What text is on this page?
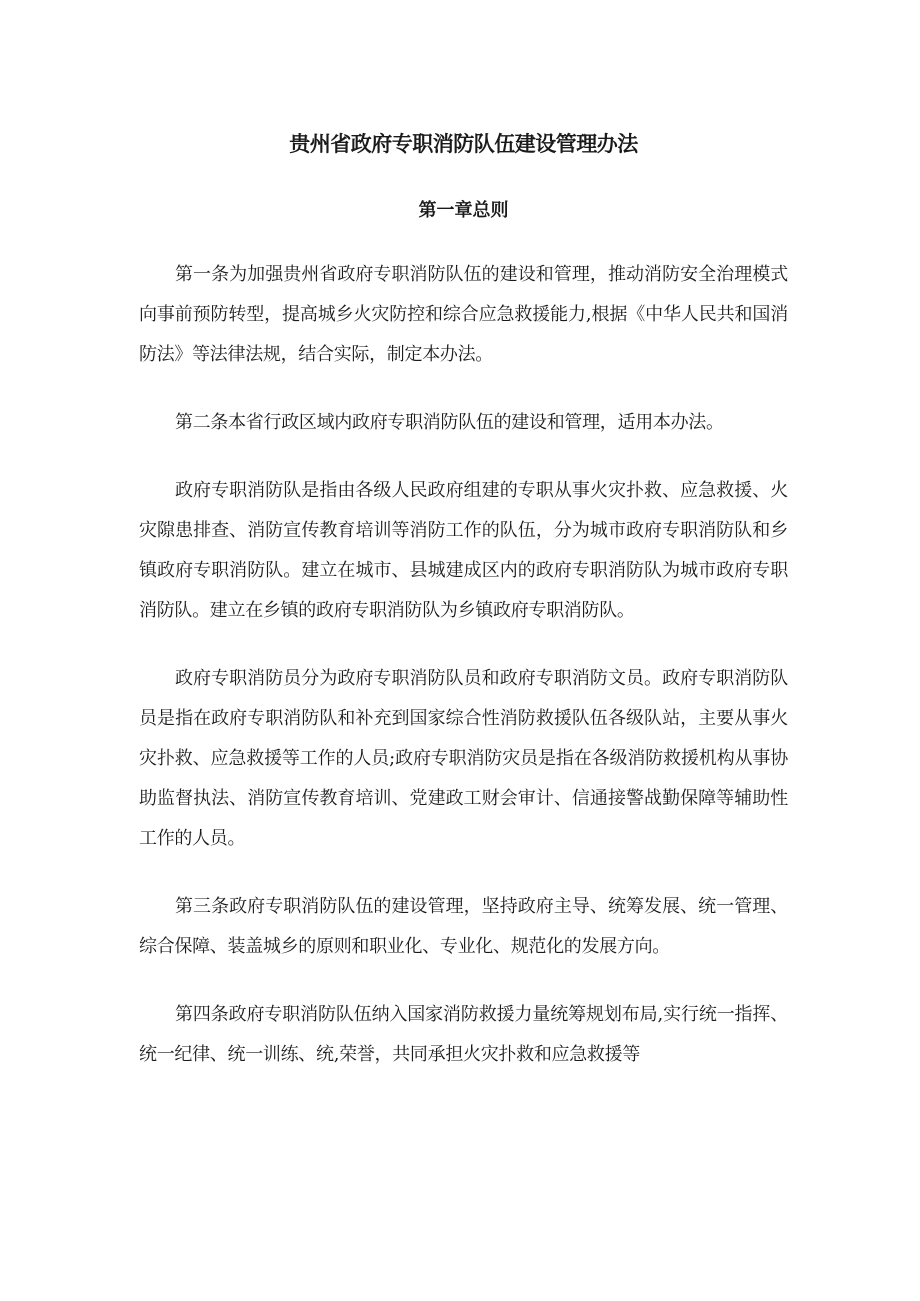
贵州省政府专职消防队伍建设管理办法
第一章总则

第一条为加强贵州省政府专职消防队伍的建设和管理，推动消防安全治理模式向事前预防转型，提高城乡火灾防控和综合应急救援能力,根据《中华人民共和国消防法》等法律法规，结合实际，制定本办法。

第二条本省行政区域内政府专职消防队伍的建设和管理，适用本办法。

政府专职消防队是指由各级人民政府组建的专职从事火灾扑救、应急救援、火灾隙患排查、消防宣传教育培训等消防工作的队伍，分为城市政府专职消防队和乡镇政府专职消防队。建立在城市、县城建成区内的政府专职消防队为城市政府专职消防队。建立在乡镇的政府专职消防队为乡镇政府专职消防队。

政府专职消防员分为政府专职消防队员和政府专职消防文员。政府专职消防队员是指在政府专职消防队和补充到国家综合性消防救援队伍各级队站，主要从事火灾扑救、应急救援等工作的人员;政府专职消防灾员是指在各级消防救援机构从事协助监督执法、消防宣传教育培训、党建政工财会审计、信通接警战勤保障等辅助性工作的人员。

第三条政府专职消防队伍的建设管理，坚持政府主导、统筹发展、统一管理、综合保障、装盖城乡的原则和职业化、专业化、规范化的发展方向。

第四条政府专职消防队伍纳入国家消防救援力量统筹规划布局,实行统一指挥、统一纪律、统一训练、统,荣誉，共同承担火灾扑救和应急救援等
